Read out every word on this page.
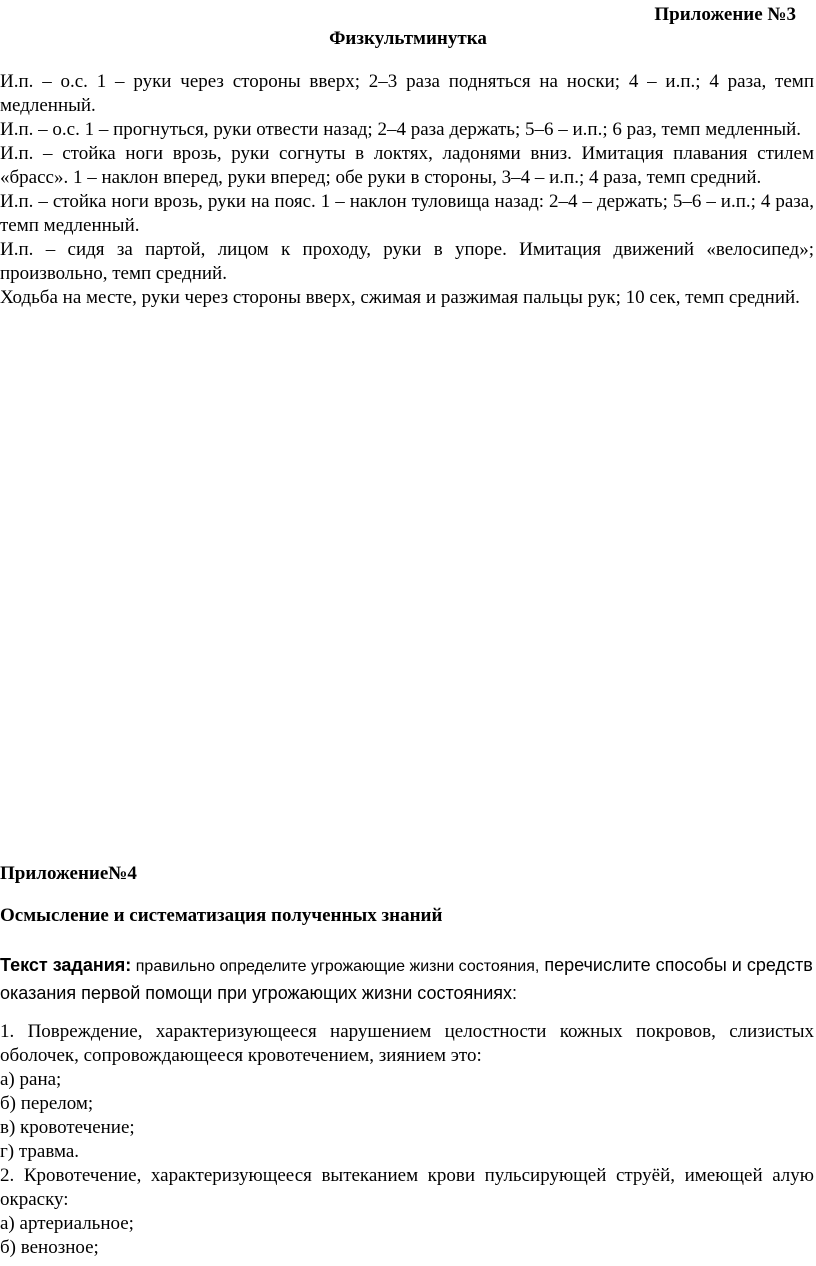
Приложение №3
Физкультминутка

И.п. – о.с. 1 – руки через стороны вверх; 2–3 раза подняться на носки; 4 – и.п.; 4 раза, темп медленный.

И.п. – о.с. 1 – прогнуться, руки отвести назад; 2–4 раза держать; 5–6 – и.п.; 6 раз, темп медленный.

И.п. – стойка ноги врозь, руки согнуты в локтях, ладонями вниз. Имитация плавания стилем «брасс». 1 – наклон вперед, руки вперед; обе руки в стороны, 3–4 – и.п.; 4 раза, темп средний.

И.п. – стойка ноги врозь, руки на пояс. 1 – наклон туловища назад: 2–4 – держать; 5–6 – и.п.; 4 раза, темп медленный.

И.п. – сидя за партой, лицом к проходу, руки в упоре. Имитация движений «велосипед»; произвольно, темп средний.

Ходьба на месте, руки через стороны вверх, сжимая и разжимая пальцы рук; 10 сек, темп средний.

Приложение№4
Осмысление и систематизация полученных знаний
Текст задания: правильно определите угрожающие жизни состояния, перечислите способы и средств оказания первой помощи при угрожающих жизни состояниях:

1. Повреждение, характеризующееся нарушением целостности кожных покровов, слизистых оболочек, сопровождающееся кровотечением, зиянием это:

а) рана;

б) перелом;

в) кровотечение;

г) травма.

2. Кровотечение, характеризующееся вытеканием крови пульсирующей струёй, имеющей алую окраску:

а) артериальное;

б) венозное;
